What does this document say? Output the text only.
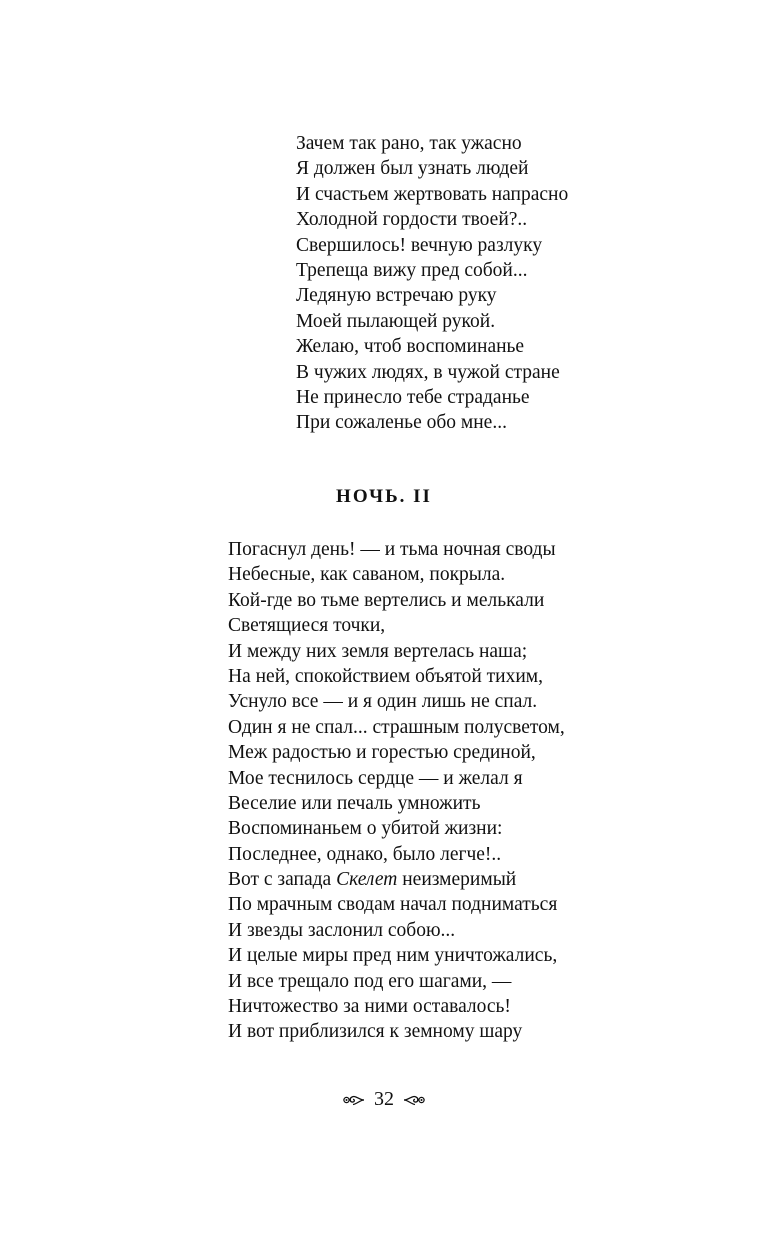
Зачем так рано, так ужасно
Я должен был узнать людей
И счастьем жертвовать напрасно
Холодной гордости твоей?..
Свершилось! вечную разлуку
Трепеща вижу пред собой...
Ледяную встречаю руку
Моей пылающей рукой.
Желаю, чтоб воспоминанье
В чужих людях, в чужой стране
Не принесло тебе страданье
При сожаленье обо мне...
НОЧЬ. II
Погаснул день! — и тьма ночная своды
Небесные, как саваном, покрыла.
Кой-где во тьме вертелись и мелькали
Светящиеся точки,
И между них земля вертелась наша;
На ней, спокойствием объятой тихим,
Уснуло все — и я один лишь не спал.
Один я не спал... страшным полусветом,
Меж радостью и горестью срединой,
Мое теснилось сердце — и желал я
Веселие или печаль умножить
Воспоминаньем о убитой жизни:
Последнее, однако, было легче!..
Вот с запада Скелет неизмеримый
По мрачным сводам начал подниматься
И звезды заслонил собою...
И целые миры пред ним уничтожались,
И все трещало под его шагами, —
Ничтожество за ними оставалось!
И вот приблизился к земному шару
32
